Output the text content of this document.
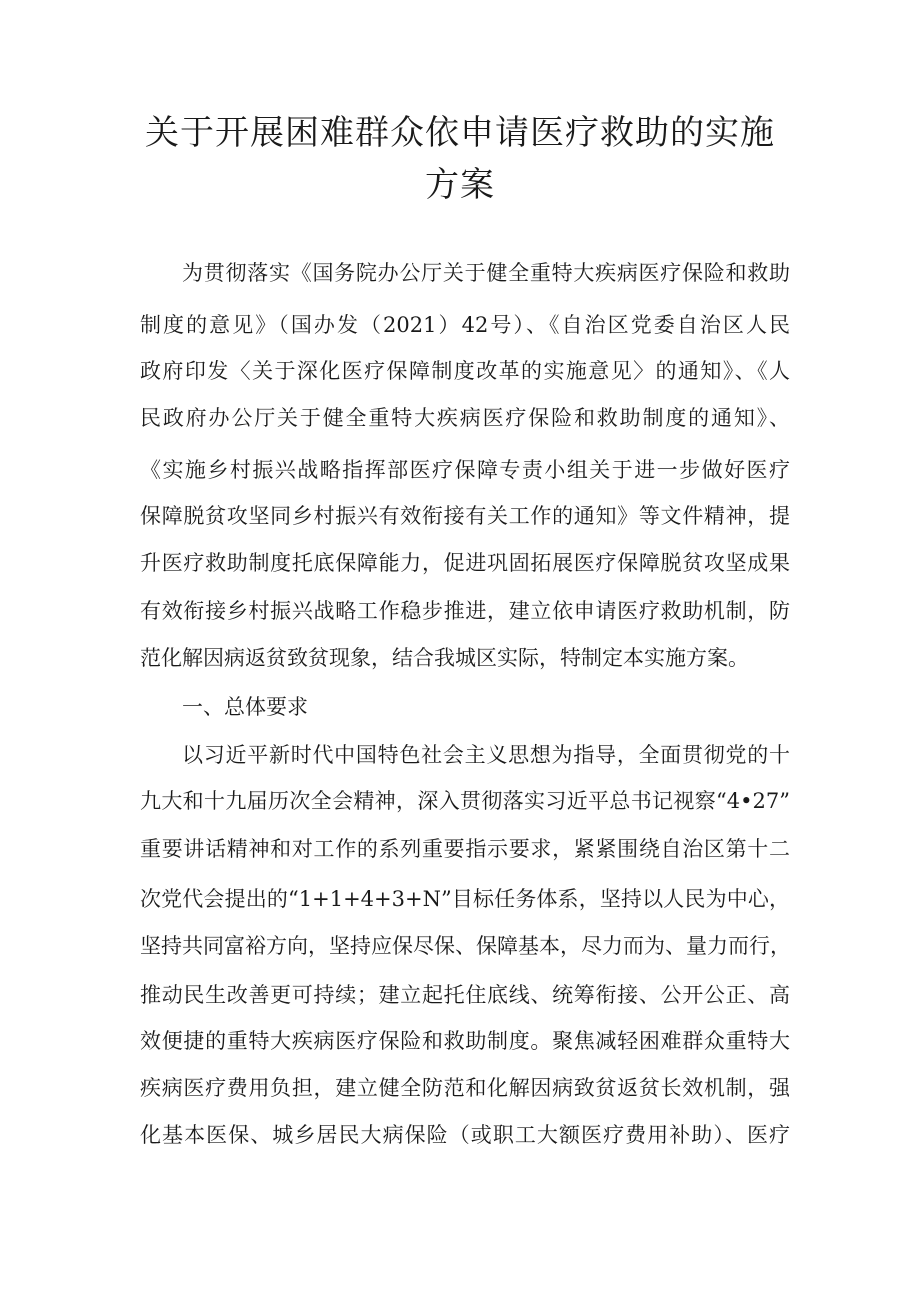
关于开展困难群众依申请医疗救助的实施
方案

为贯彻落实《国务院办公厅关于健全重特大疾病医疗保险和救助

制度的意见》（国办发（2021）42号）、《自治区党委自治区人民

政府印发〈关于深化医疗保障制度改革的实施意见〉的通知》、《人

民政府办公厅关于健全重特大疾病医疗保险和救助制度的通知》、

《实施乡村振兴战略指挥部医疗保障专责小组关于进一步做好医疗

保障脱贫攻坚同乡村振兴有效衔接有关工作的通知》等文件精神，提

升医疗救助制度托底保障能力，促进巩固拓展医疗保障脱贫攻坚成果

有效衔接乡村振兴战略工作稳步推进，建立依申请医疗救助机制，防

范化解因病返贫致贫现象，结合我城区实际，特制定本实施方案。

一、总体要求

以习近平新时代中国特色社会主义思想为指导，全面贯彻党的十

九大和十九届历次全会精神，深入贯彻落实习近平总书记视察“4•27”

重要讲话精神和对工作的系列重要指示要求，紧紧围绕自治区第十二

次党代会提出的“1+1+4+3+N”目标任务体系，坚持以人民为中心，

坚持共同富裕方向，坚持应保尽保、保障基本，尽力而为、量力而行，

推动民生改善更可持续；建立起托住底线、统筹衔接、公开公正、高

效便捷的重特大疾病医疗保险和救助制度。聚焦减轻困难群众重特大

疾病医疗费用负担，建立健全防范和化解因病致贫返贫长效机制，强

化基本医保、城乡居民大病保险（或职工大额医疗费用补助）、医疗
